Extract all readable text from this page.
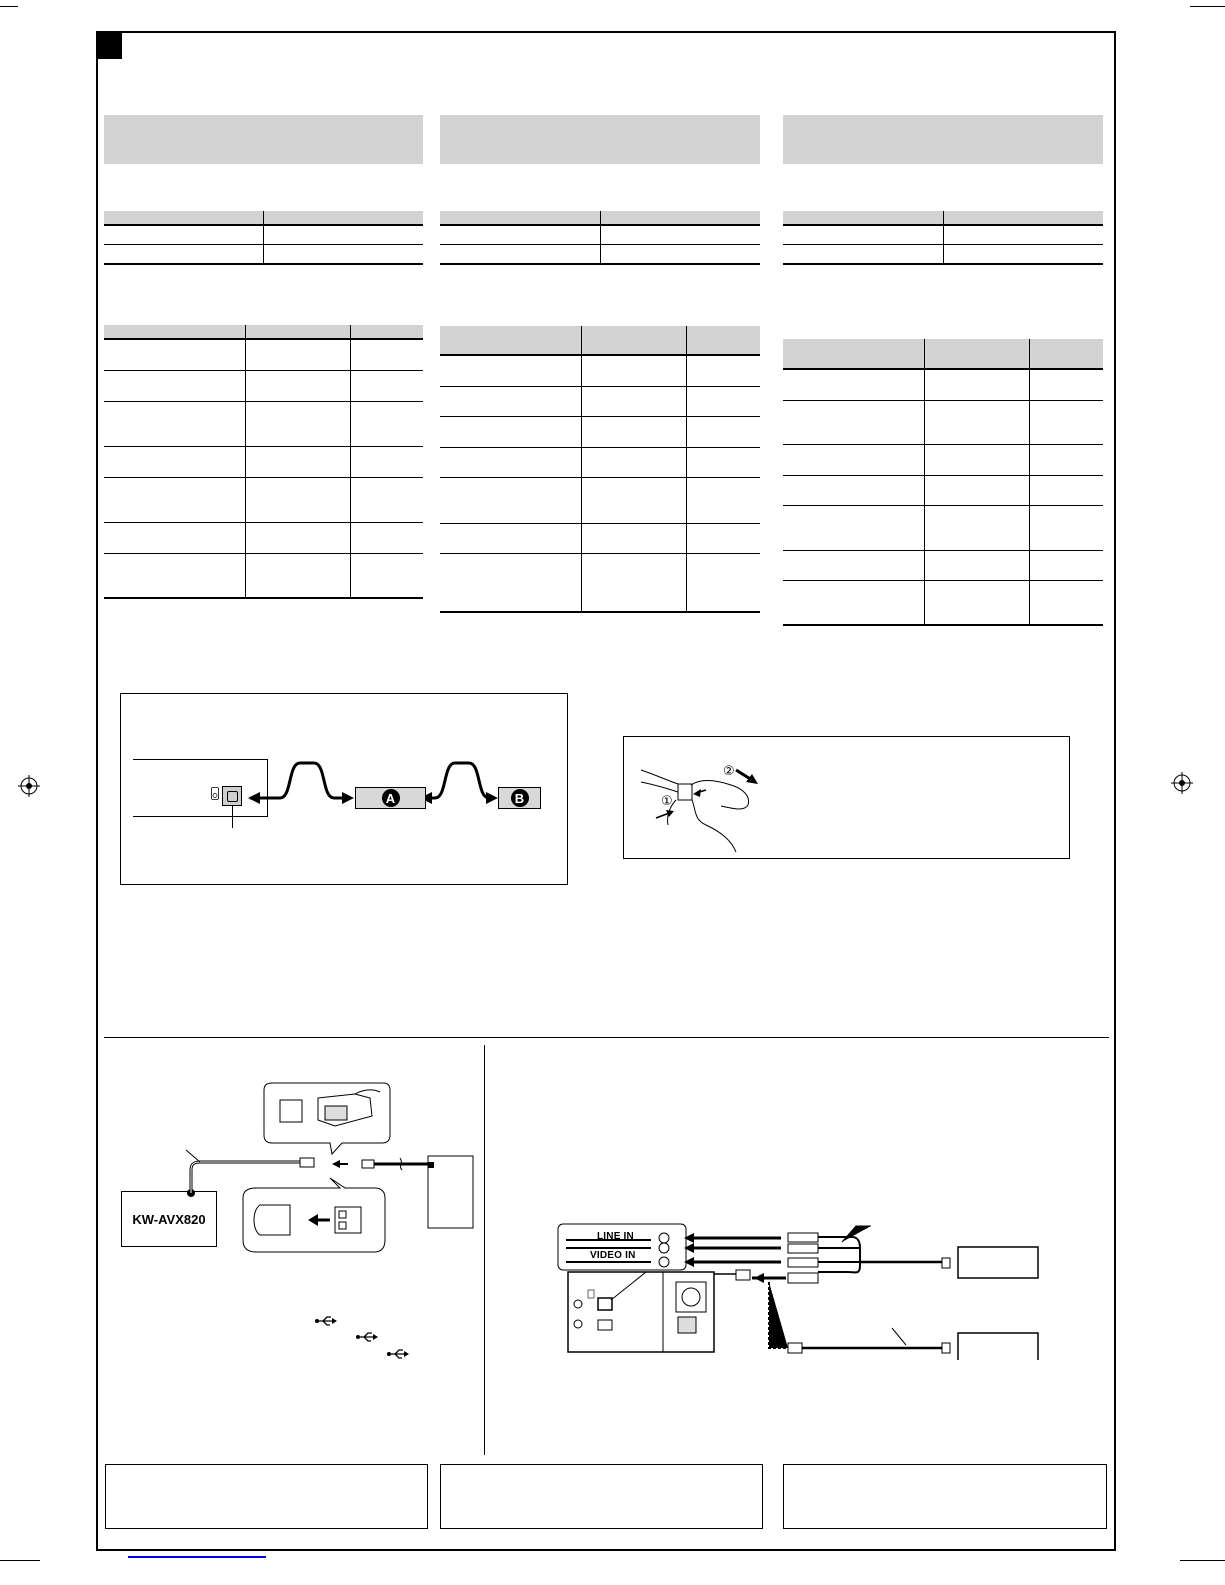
A	B	①
②
KW-AVX820
LINE IN
VIDEO IN
